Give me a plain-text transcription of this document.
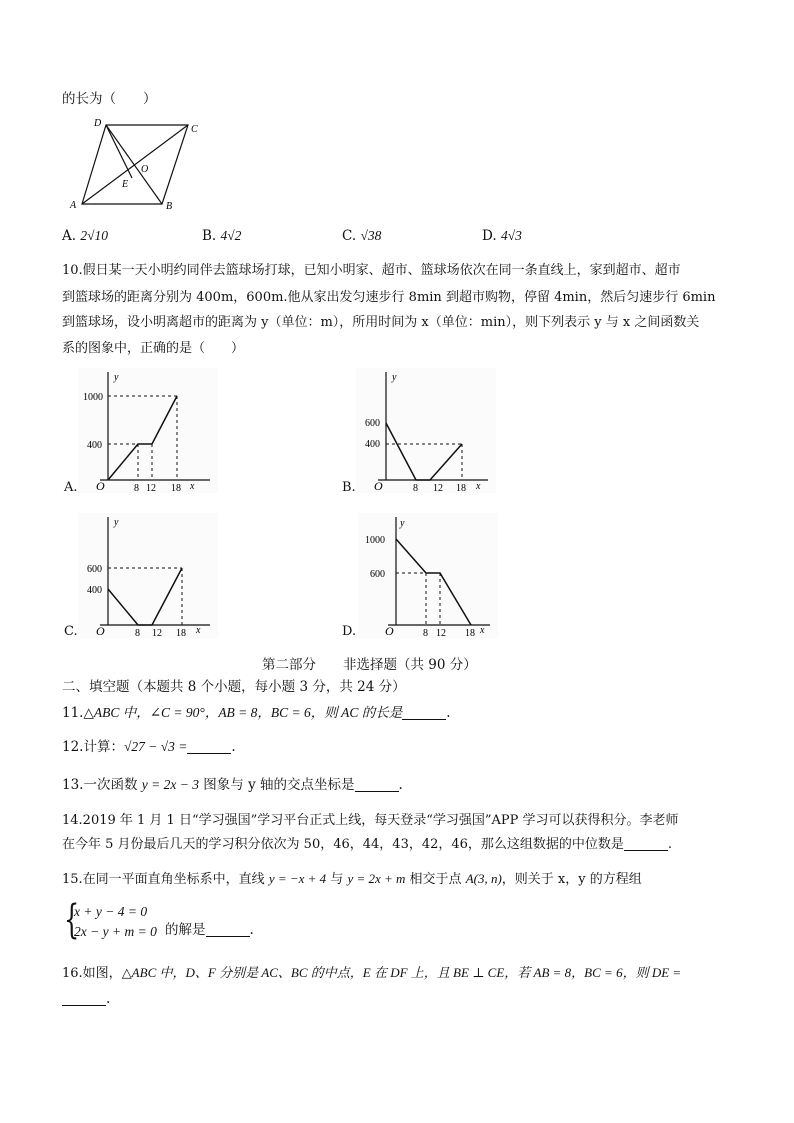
的长为（　　）
D
C
A	B
O
E
A. 2√10	B. 4√2	C. √38	D. 4√3
10.假日某一天小明约同伴去篮球场打球，已知小明家、超市、篮球场依次在同一条直线上，家到超市、超市
到篮球场的距离分别为 400m，600m.他从家出发匀速步行 8min 到超市购物，停留 4min，然后匀速步行 6min
到篮球场，设小明离超市的距离为 y（单位：m），所用时间为 x（单位：min），则下列表示 y 与 x 之间函数关
系的图象中，正确的是（　　）
A.
y
1000
400
O	8 12 18 x	B.
y
600
400
O	8 12 18 x
C.
y
600
400
O	8 12 18 x	D.
y
1000
600
O	8 12 18 x
第二部分　　非选择题（共 90 分）
二、填空题（本题共 8 个小题，每小题 3 分，共 24 分）
11.△ABC 中，∠C = 90°，AB = 8，BC = 6，则 AC 的长是	.
12.计算：√27 − √3 =	.
13.一次函数 y = 2x − 3 图象与 y 轴的交点坐标是	.
14.2019 年 1 月 1 日“学习强国”学习平台正式上线，每天登录“学习强国”APP 学习可以获得积分。李老师
在今年 5 月份最后几天的学习积分依次为 50，46，44，43，42，46，那么这组数据的中位数是	.
15.在同一平面直角坐标系中，直线 y = −x + 4 与 y = 2x + m 相交于点 A(3, n)，则关于 x，y 的方程组
{
x + y − 4 = 0
2x − y + m = 0 的解是	.
16.如图，△ABC 中，D、F 分别是 AC、BC 的中点，E 在 DF 上，且 BE ⊥ CE，若 AB = 8，BC = 6，则 DE =
.
